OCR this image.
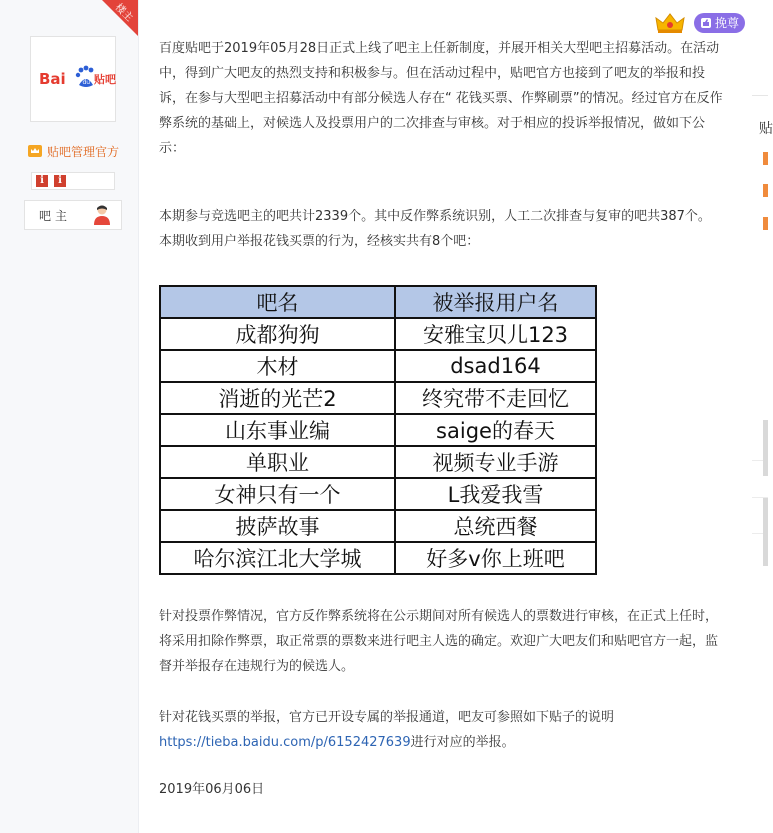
Bai	du 贴吧
贴吧管理官方
i	i
吧主
楼主	挽尊

百度贴吧于2019年05月28日正式上线了吧主上任新制度，并展开相关大型吧主招募活动。在活动中，得到广大吧友的热烈支持和积极参与。但在活动过程中，贴吧官方也接到了吧友的举报和投诉，在参与大型吧主招募活动中有部分候选人存在“ 花钱买票、作弊刷票”的情况。经过官方在反作弊系统的基础上，对候选人及投票用户的二次排查与审核。对于相应的投诉举报情况，做如下公示：

本期参与竞选吧主的吧共计2339个。其中反作弊系统识别，人工二次排查与复审的吧共387个。

本期收到用户举报花钱买票的行为，经核实共有8个吧：

吧名	被举报用户名
成都狗狗	安雅宝贝儿123
木材	dsad164
消逝的光芒2	终究带不走回忆
山东事业编	saige的春天
单职业	视频专业手游
女神只有一个	L我爱我雪
披萨故事	总统西餐
哈尔滨江北大学城	好多v你上班吧

针对投票作弊情况，官方反作弊系统将在公示期间对所有候选人的票数进行审核，在正式上任时，将采用扣除作弊票，取正常票的票数来进行吧主人选的确定。欢迎广大吧友们和贴吧官方一起，监督并举报存在违规行为的候选人。

针对花钱买票的举报，官方已开设专属的举报通道，吧友可参照如下贴子的说明https://tieba.baidu.com/p/6152427639进行对应的举报。

2019年06月06日

贴
